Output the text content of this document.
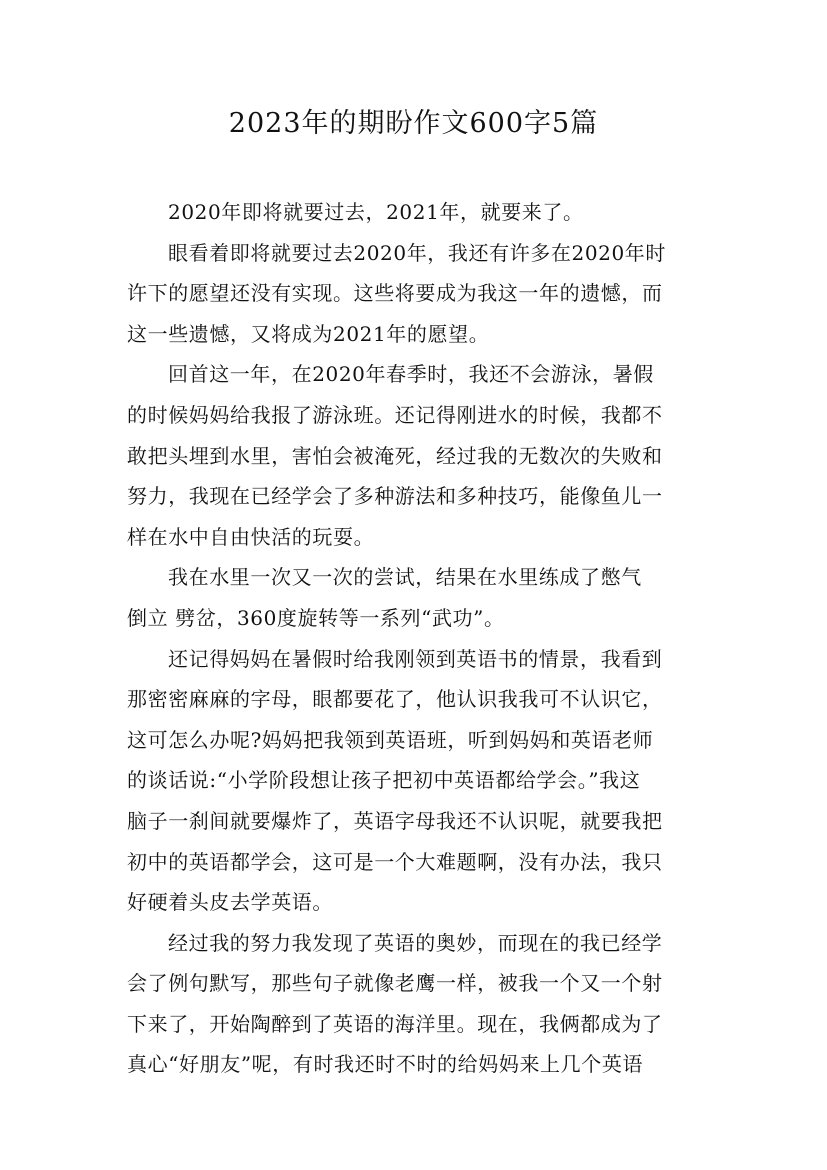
2023年的期盼作文600字5篇
2020年即将就要过去，2021年，就要来了。
眼看着即将就要过去2020年，我还有许多在2020年时
许下的愿望还没有实现。这些将要成为我这一年的遗憾，而
这一些遗憾，又将成为2021年的愿望。
回首这一年，在2020年春季时，我还不会游泳，暑假
的时候妈妈给我报了游泳班。还记得刚进水的时候，我都不
敢把头埋到水里，害怕会被淹死，经过我的无数次的失败和
努力，我现在已经学会了多种游法和多种技巧，能像鱼儿一
样在水中自由快活的玩耍。
我在水里一次又一次的尝试，结果在水里练成了憋气
倒立 劈岔，360度旋转等一系列“武功”。
还记得妈妈在暑假时给我刚领到英语书的情景，我看到
那密密麻麻的字母，眼都要花了，他认识我我可不认识它，
这可怎么办呢?妈妈把我领到英语班，听到妈妈和英语老师
的谈话说:“小学阶段想让孩子把初中英语都给学会。”我这
脑子一刹间就要爆炸了，英语字母我还不认识呢，就要我把
初中的英语都学会，这可是一个大难题啊，没有办法，我只
好硬着头皮去学英语。
经过我的努力我发现了英语的奥妙，而现在的我已经学
会了例句默写，那些句子就像老鹰一样，被我一个又一个射
下来了，开始陶醉到了英语的海洋里。现在，我俩都成为了
真心“好朋友”呢，有时我还时不时的给妈妈来上几个英语
